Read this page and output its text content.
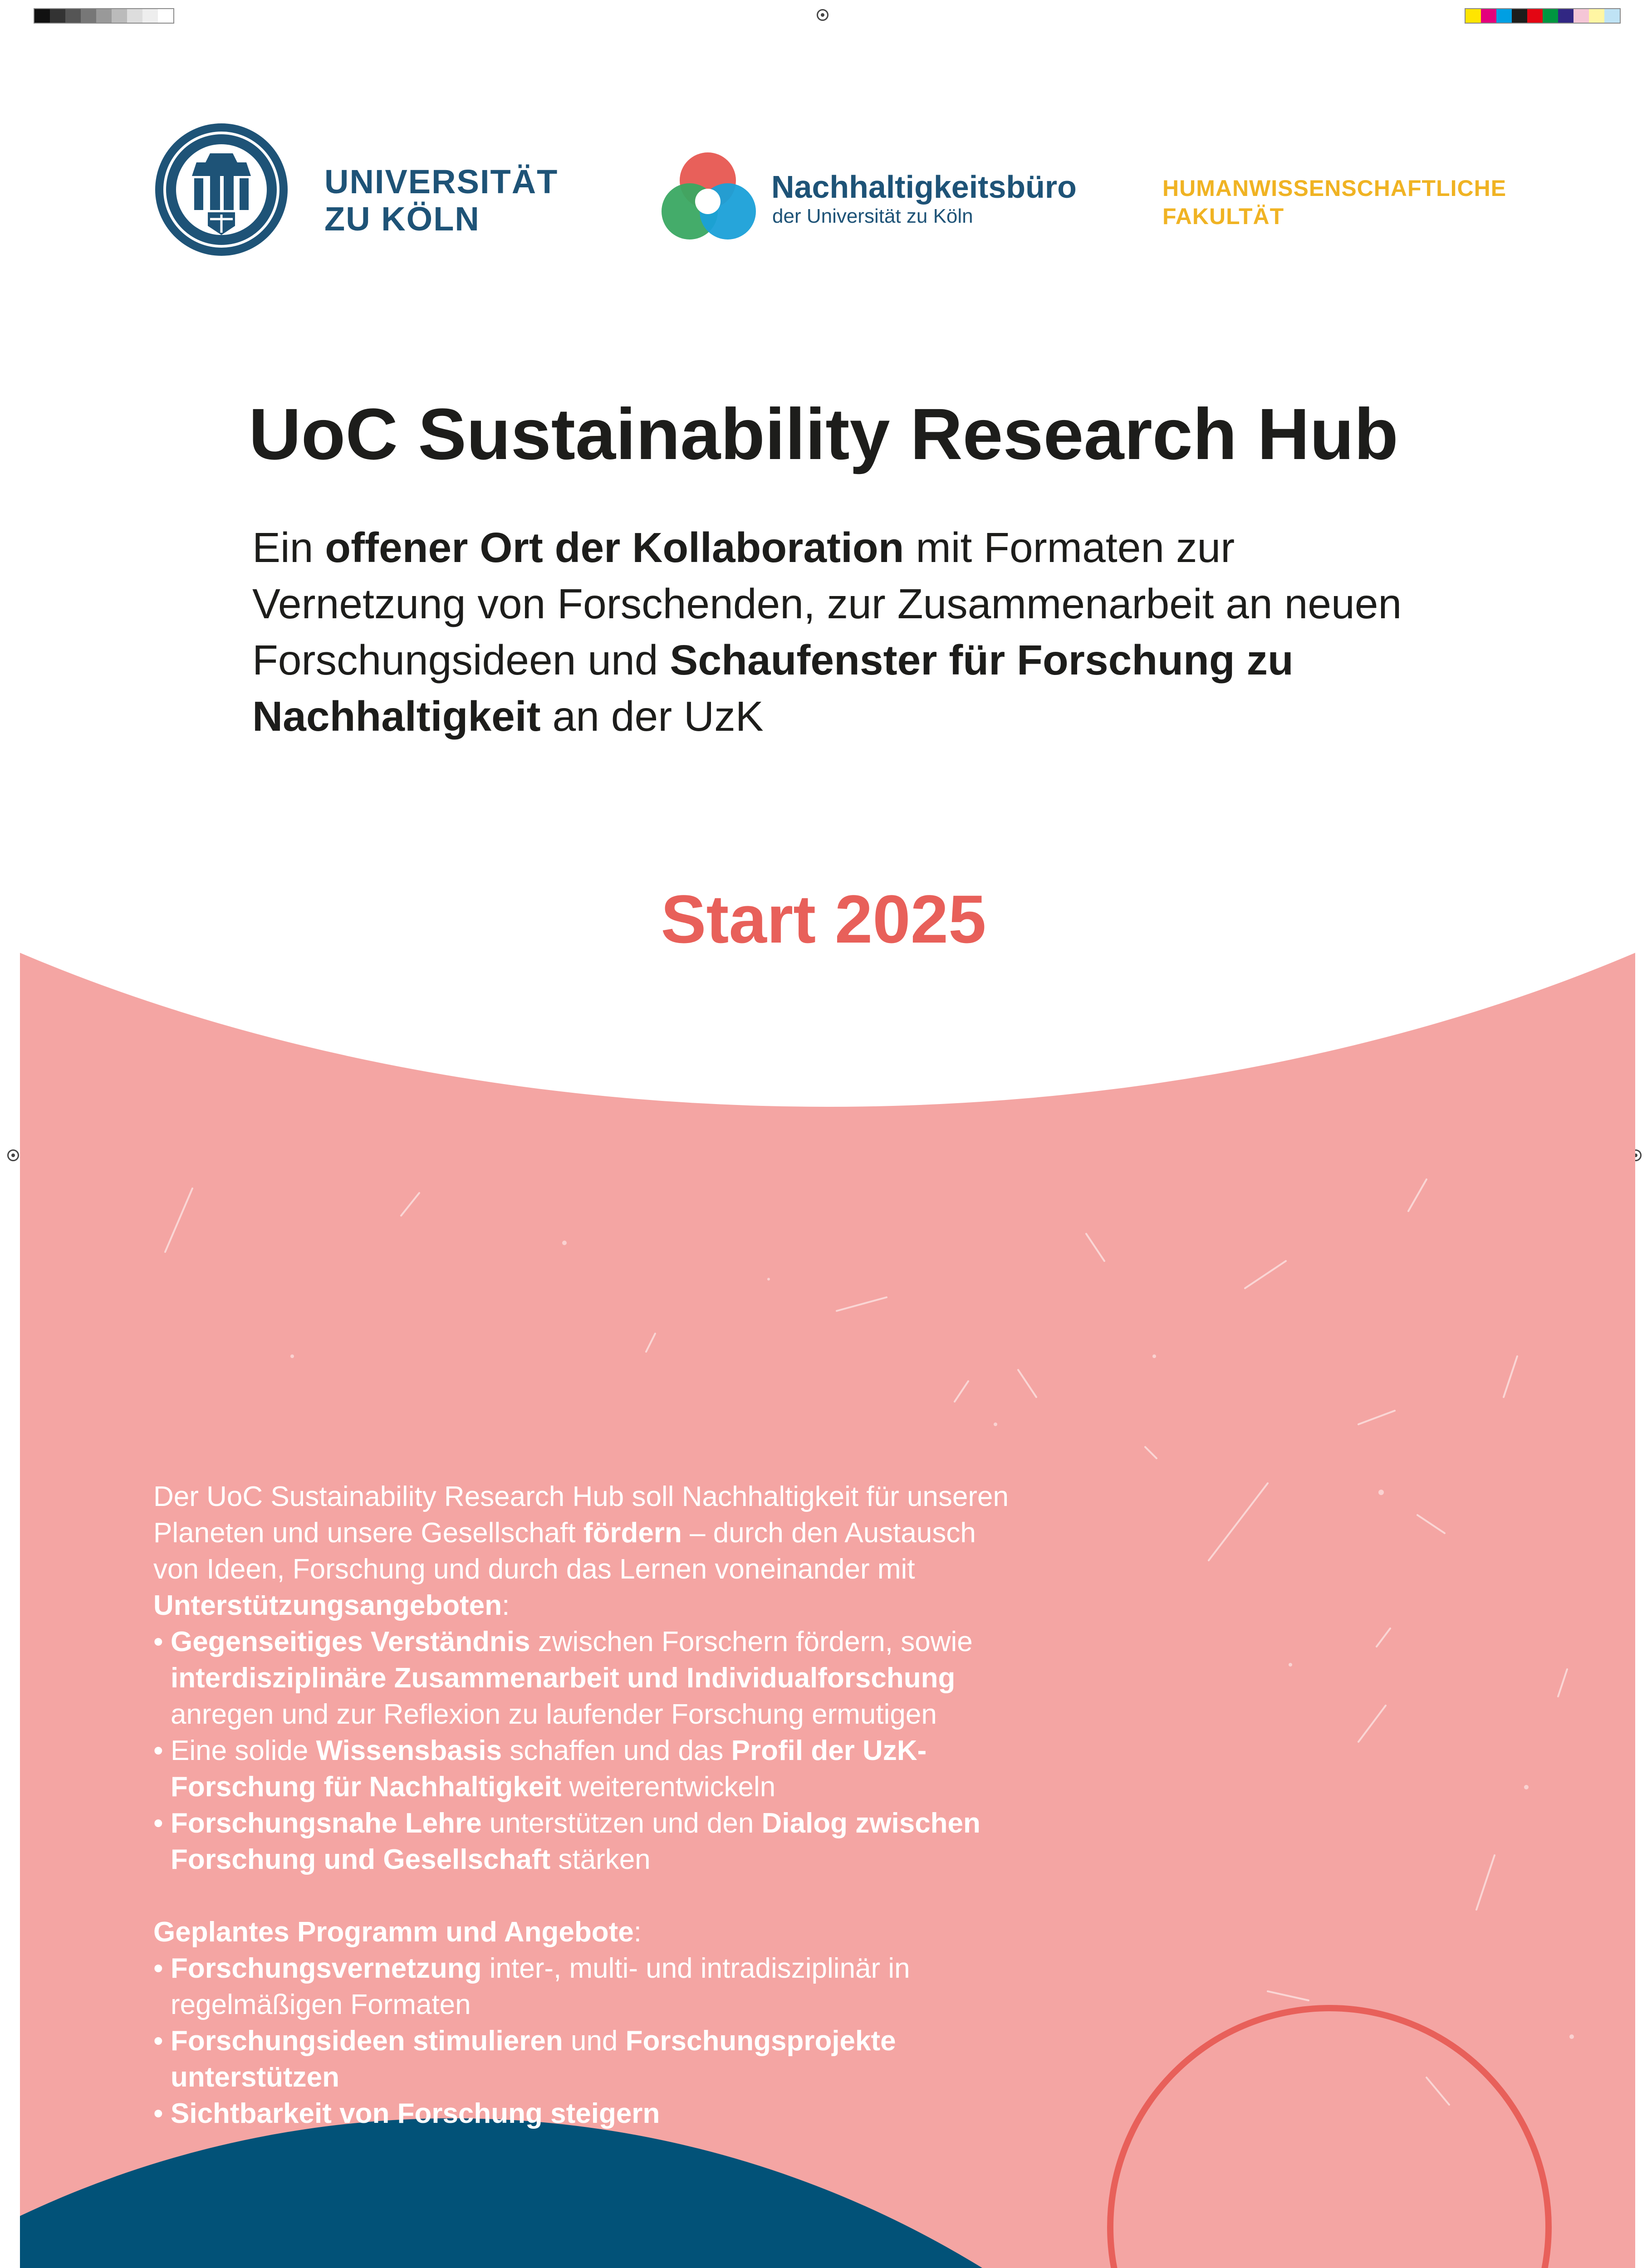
UNIVERSITÄT
ZU KÖLN
Nachhaltigkeitsbüro
der Universität zu Köln
HUMANWISSENSCHAFTLICHE
FAKULTÄT
UoC Sustainability Research Hub
Ein offener Ort der Kollaboration mit Formaten zur Vernetzung von Forschenden, zur Zusammenarbeit an neuen Forschungsideen und Schaufenster für Forschung zu Nachhaltigkeit an der UzK
Start 2025

Der UoC Sustainability Research Hub soll Nachhaltigkeit für unseren Planeten und unsere Gesellschaft fördern – durch den Austausch von Ideen, Forschung und durch das Lernen voneinander mit Unterstützungsangeboten:

• Gegenseitiges Verständnis zwischen Forschern fördern, sowie interdisziplinäre Zusammenarbeit und Individualforschung anregen und zur Reflexion zu laufender Forschung ermutigen
• Eine solide Wissensbasis schaffen und das Profil der UzK-Forschung für Nachhaltigkeit weiterentwickeln
• Forschungsnahe Lehre unterstützen und den Dialog zwischen Forschung und Gesellschaft stärken

Geplantes Programm und Angebote:

• Forschungsvernetzung inter-, multi- und intradisziplinär in regelmäßigen Formaten
• Forschungsideen stimulieren und Forschungsprojekte unterstützen
• Sichtbarkeit von Forschung steigern
